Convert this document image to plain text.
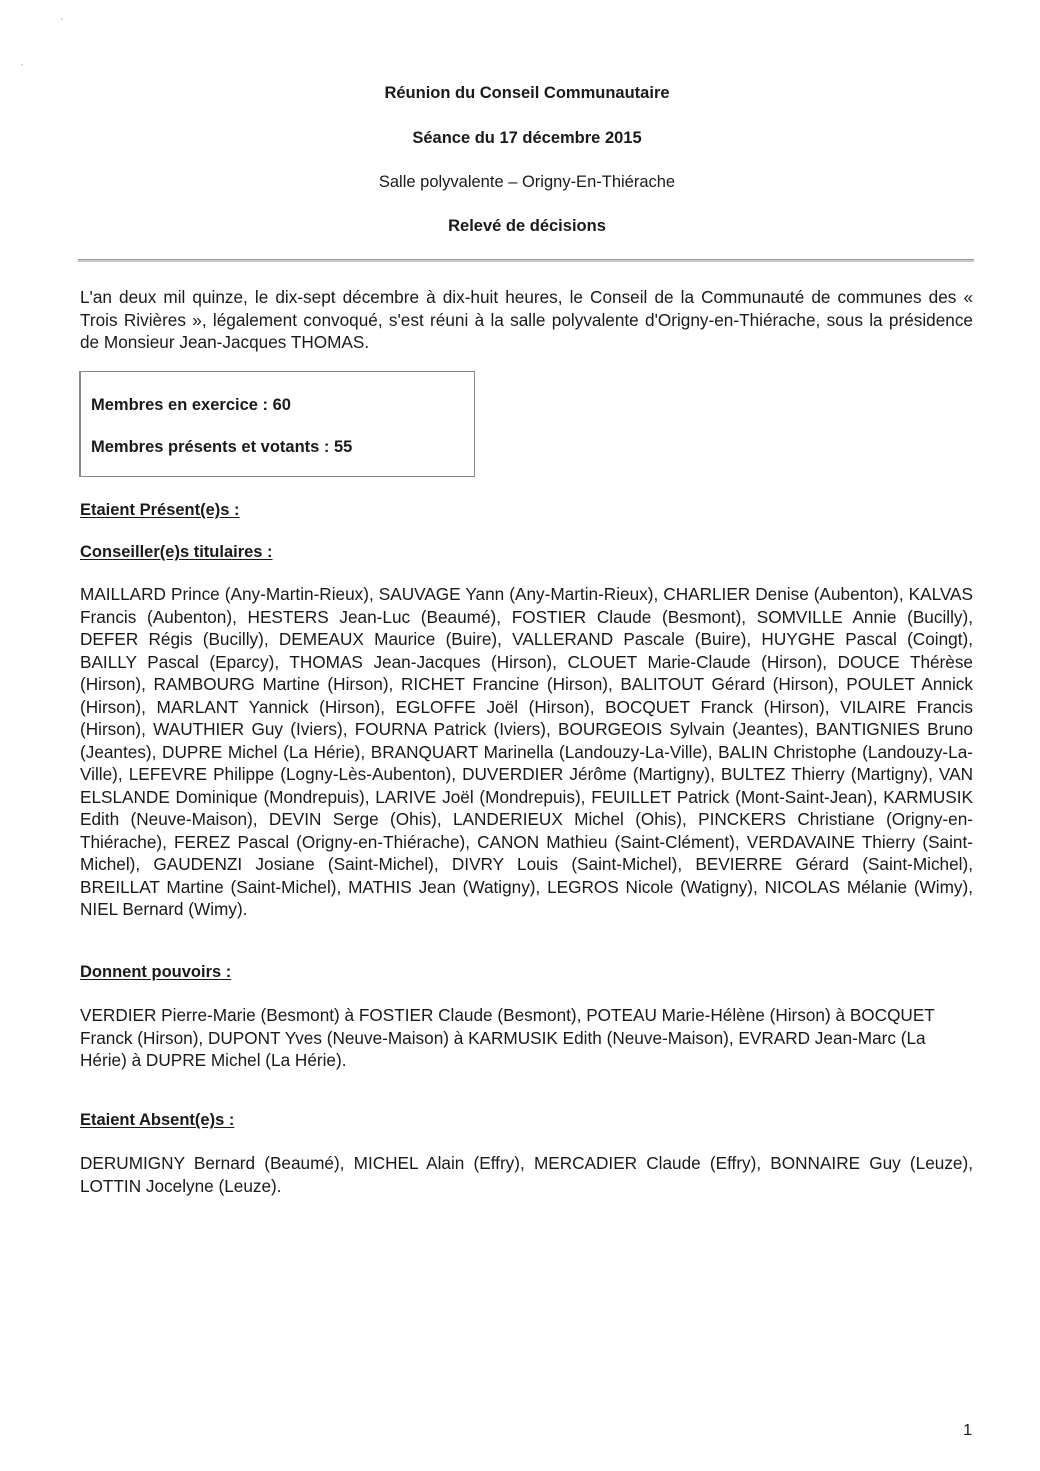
Réunion du Conseil Communautaire
Séance du 17 décembre 2015
Salle polyvalente – Origny-En-Thiérache
Relevé de décisions
L'an deux mil quinze, le dix-sept décembre à dix-huit heures, le Conseil de la Communauté de communes des « Trois Rivières », légalement convoqué, s'est réuni à la salle polyvalente d'Origny-en-Thiérache, sous la présidence de Monsieur Jean-Jacques THOMAS.
Membres en exercice : 60
Membres présents et votants : 55
Etaient Présent(e)s :
Conseiller(e)s titulaires :
MAILLARD Prince (Any-Martin-Rieux), SAUVAGE Yann (Any-Martin-Rieux), CHARLIER Denise (Aubenton), KALVAS Francis (Aubenton), HESTERS Jean-Luc (Beaumé), FOSTIER Claude (Besmont), SOMVILLE Annie (Bucilly), DEFER Régis (Bucilly), DEMEAUX Maurice (Buire), VALLERAND Pascale (Buire), HUYGHE Pascal (Coingt), BAILLY Pascal (Eparcy), THOMAS Jean-Jacques (Hirson), CLOUET Marie-Claude (Hirson), DOUCE Thérèse (Hirson), RAMBOURG Martine (Hirson), RICHET Francine (Hirson), BALITOUT Gérard (Hirson), POULET Annick (Hirson), MARLANT Yannick (Hirson), EGLOFFE Joël (Hirson), BOCQUET Franck (Hirson), VILAIRE Francis (Hirson), WAUTHIER Guy (Iviers), FOURNA Patrick (Iviers), BOURGEOIS Sylvain (Jeantes), BANTIGNIES Bruno (Jeantes), DUPRE Michel (La Hérie), BRANQUART Marinella (Landouzy-La-Ville), BALIN Christophe (Landouzy-La-Ville), LEFEVRE Philippe (Logny-Lès-Aubenton), DUVERDIER Jérôme (Martigny), BULTEZ Thierry (Martigny), VAN ELSLANDE Dominique (Mondrepuis), LARIVE Joël (Mondrepuis), FEUILLET Patrick (Mont-Saint-Jean), KARMUSIK Edith (Neuve-Maison), DEVIN Serge (Ohis), LANDERIEUX Michel (Ohis), PINCKERS Christiane (Origny-en-Thiérache), FEREZ Pascal (Origny-en-Thiérache), CANON Mathieu (Saint-Clément), VERDAVAINE Thierry (Saint-Michel), GAUDENZI Josiane (Saint-Michel), DIVRY Louis (Saint-Michel), BEVIERRE Gérard (Saint-Michel), BREILLAT Martine (Saint-Michel), MATHIS Jean (Watigny), LEGROS Nicole (Watigny), NICOLAS Mélanie (Wimy), NIEL Bernard (Wimy).
Donnent pouvoirs :
VERDIER Pierre-Marie (Besmont) à FOSTIER Claude (Besmont), POTEAU Marie-Hélène (Hirson) à BOCQUET Franck (Hirson), DUPONT Yves (Neuve-Maison) à KARMUSIK Edith (Neuve-Maison), EVRARD Jean-Marc (La Hérie) à DUPRE Michel (La Hérie).
Etaient Absent(e)s :
DERUMIGNY Bernard (Beaumé), MICHEL Alain (Effry), MERCADIER Claude (Effry), BONNAIRE Guy (Leuze), LOTTIN Jocelyne (Leuze).
1
